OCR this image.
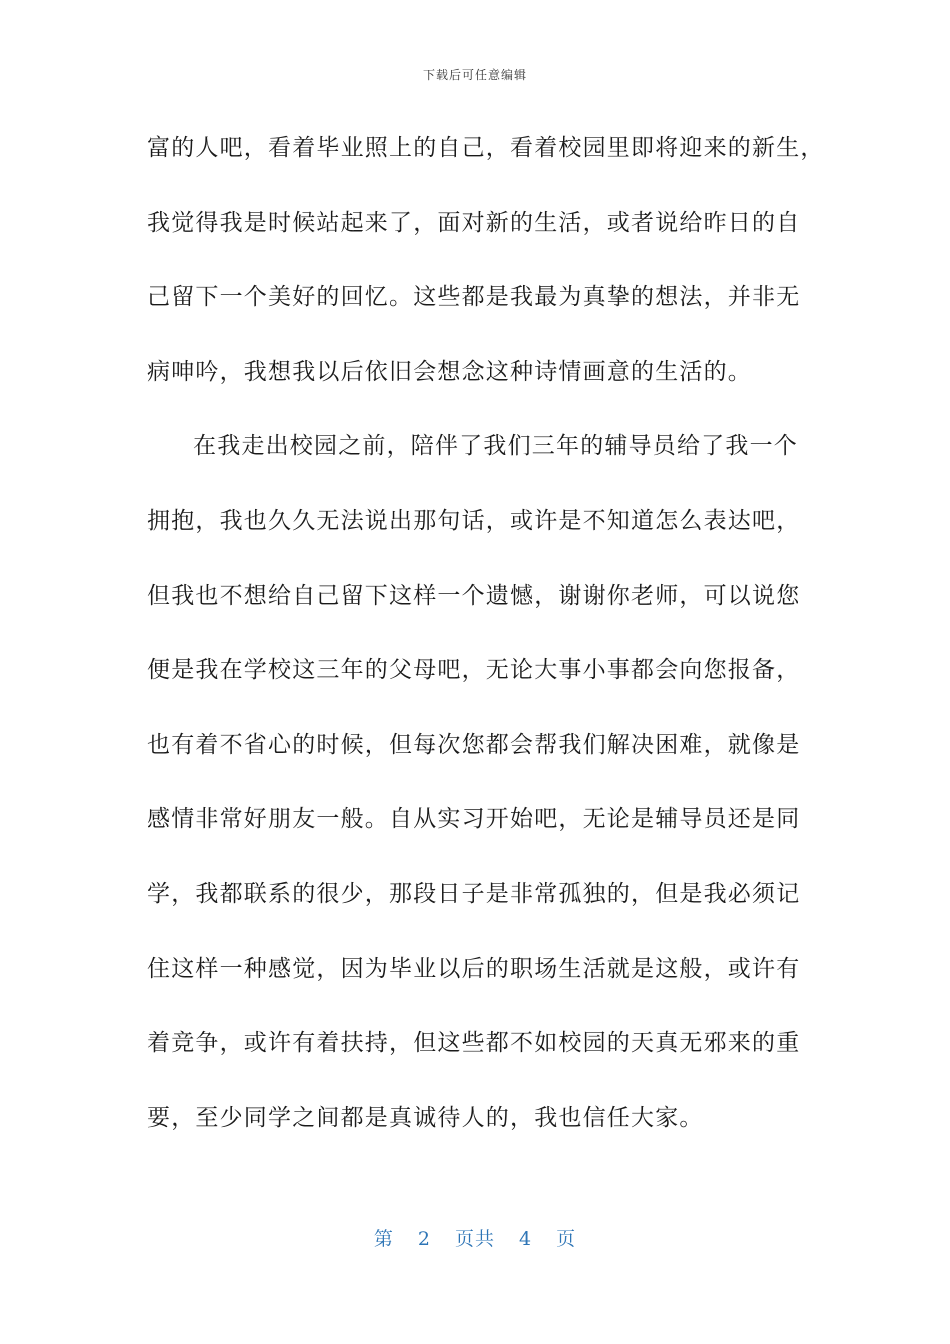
下载后可任意编辑
富的人吧，看着毕业照上的自己，看着校园里即将迎来的新生，
我觉得我是时候站起来了，面对新的生活，或者说给昨日的自
己留下一个美好的回忆。这些都是我最为真挚的想法，并非无
病呻吟，我想我以后依旧会想念这种诗情画意的生活的。
在我走出校园之前，陪伴了我们三年的辅导员给了我一个
拥抱，我也久久无法说出那句话，或许是不知道怎么表达吧，
但我也不想给自己留下这样一个遗憾，谢谢你老师，可以说您
便是我在学校这三年的父母吧，无论大事小事都会向您报备，
也有着不省心的时候，但每次您都会帮我们解决困难，就像是
感情非常好朋友一般。自从实习开始吧，无论是辅导员还是同
学，我都联系的很少，那段日子是非常孤独的，但是我必须记
住这样一种感觉，因为毕业以后的职场生活就是这般，或许有
着竞争，或许有着扶持，但这些都不如校园的天真无邪来的重
要，至少同学之间都是真诚待人的，我也信任大家。
第 2 页共 4 页
